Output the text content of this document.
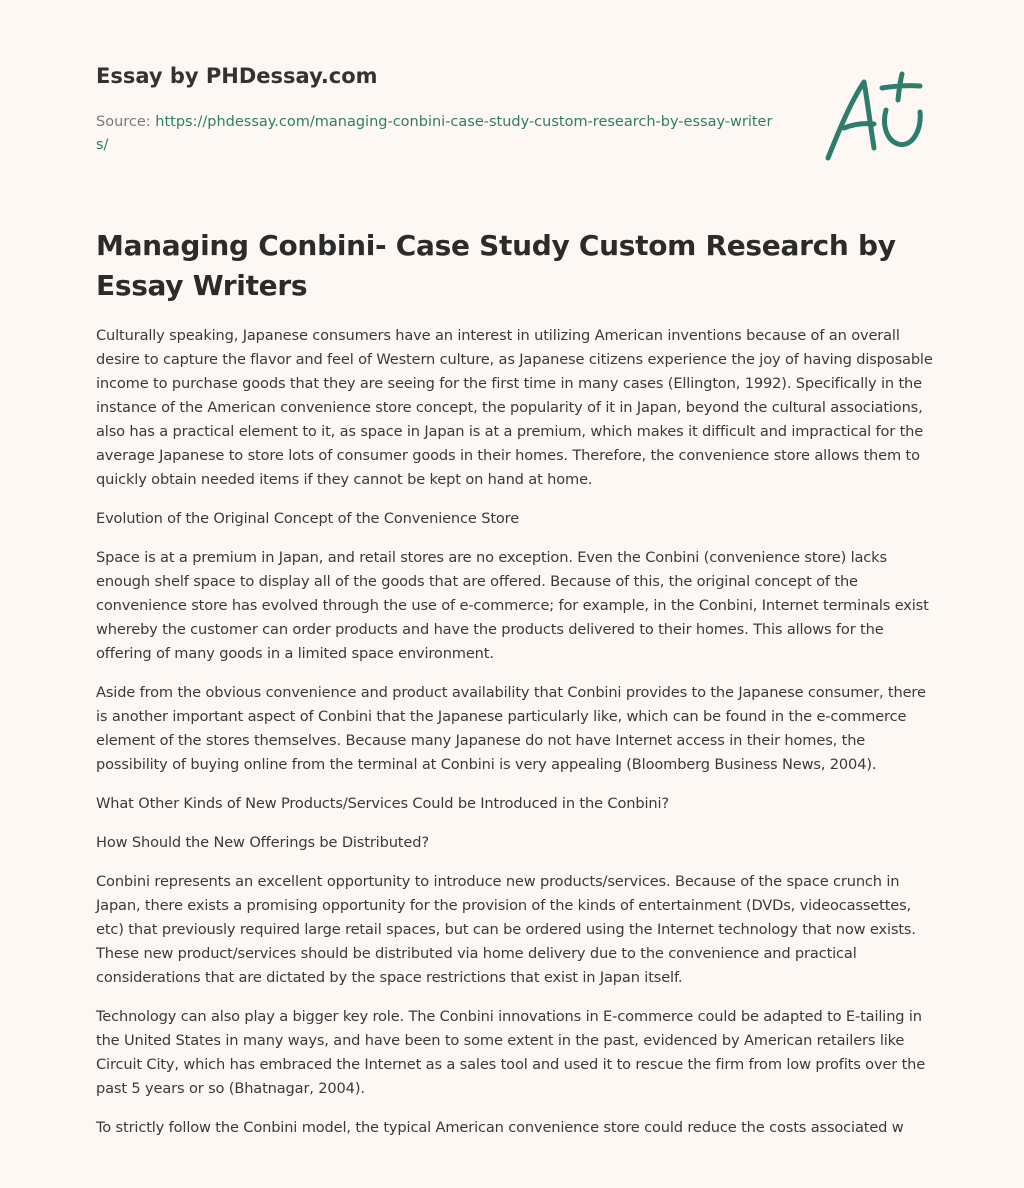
Essay by PHDessay.com
Source: https://phdessay.com/managing-conbini-case-study-custom-research-by-essay-writers/
Managing Conbini- Case Study Custom Research by Essay Writers

Culturally speaking, Japanese consumers have an interest in utilizing American inventions because of an overall desire to capture the flavor and feel of Western culture, as Japanese citizens experience the joy of having disposable income to purchase goods that they are seeing for the first time in many cases (Ellington, 1992). Specifically in the instance of the American convenience store concept, the popularity of it in Japan, beyond the cultural associations, also has a practical element to it, as space in Japan is at a premium, which makes it difficult and impractical for the average Japanese to store lots of consumer goods in their homes. Therefore, the convenience store allows them to quickly obtain needed items if they cannot be kept on hand at home.

Evolution of the Original Concept of the Convenience Store

Space is at a premium in Japan, and retail stores are no exception. Even the Conbini (convenience store) lacks enough shelf space to display all of the goods that are offered. Because of this, the original concept of the convenience store has evolved through the use of e-commerce; for example, in the Conbini, Internet terminals exist whereby the customer can order products and have the products delivered to their homes. This allows for the offering of many goods in a limited space environment.

Aside from the obvious convenience and product availability that Conbini provides to the Japanese consumer, there is another important aspect of Conbini that the Japanese particularly like, which can be found in the e-commerce element of the stores themselves. Because many Japanese do not have Internet access in their homes, the possibility of buying online from the terminal at Conbini is very appealing (Bloomberg Business News, 2004).

What Other Kinds of New Products/Services Could be Introduced in the Conbini?

How Should the New Offerings be Distributed?

Conbini represents an excellent opportunity to introduce new products/services. Because of the space crunch in Japan, there exists a promising opportunity for the provision of the kinds of entertainment (DVDs, videocassettes, etc) that previously required large retail spaces, but can be ordered using the Internet technology that now exists. These new product/services should be distributed via home delivery due to the convenience and practical considerations that are dictated by the space restrictions that exist in Japan itself.

Technology can also play a bigger key role. The Conbini innovations in E-commerce could be adapted to E-tailing in the United States in many ways, and have been to some extent in the past, evidenced by American retailers like Circuit City, which has embraced the Internet as a sales tool and used it to rescue the firm from low profits over the past 5 years or so (Bhatnagar, 2004).

To strictly follow the Conbini model, the typical American convenience store could reduce the costs associated w
